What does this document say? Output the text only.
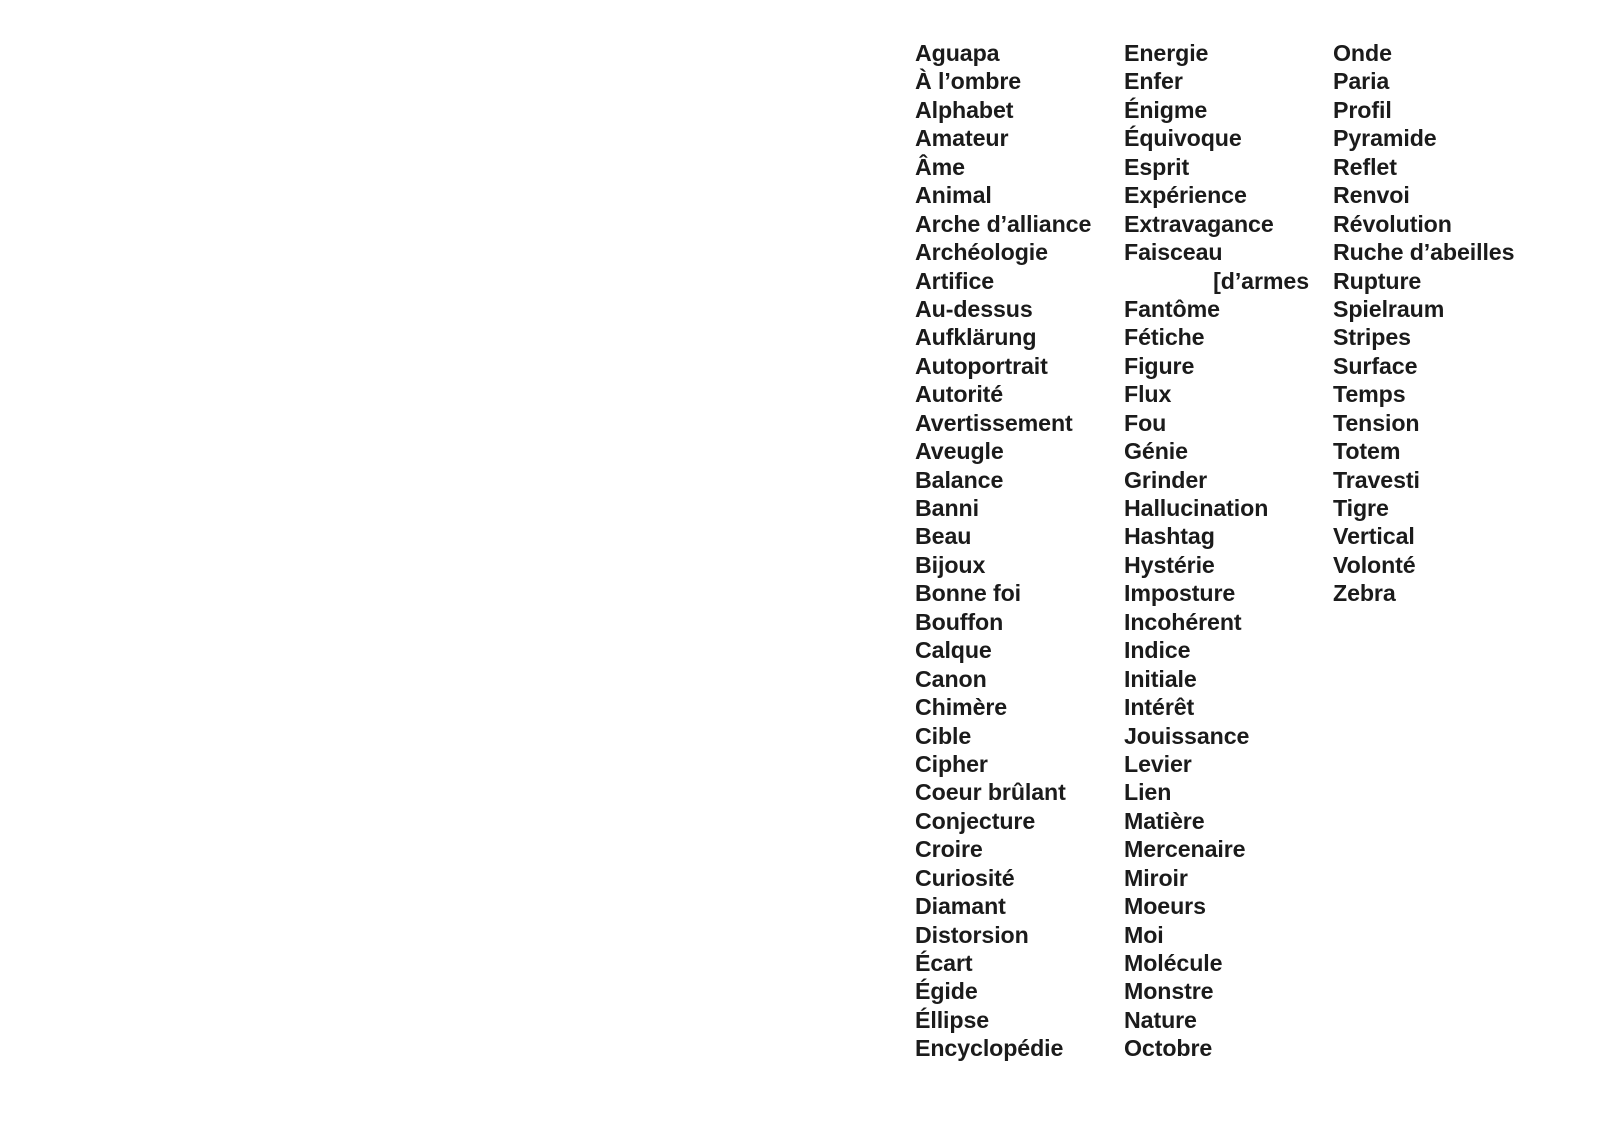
Aguapa
À l’ombre
Alphabet
Amateur
Âme
Animal
Arche d’alliance
Archéologie
Artifice
Au-dessus
Aufklärung
Autoportrait
Autorité
Avertissement
Aveugle
Balance
Banni
Beau
Bijoux
Bonne foi
Bouffon
Calque
Canon
Chimère
Cible
Cipher
Coeur brûlant
Conjecture
Croire
Curiosité
Diamant
Distorsion
Écart
Égide
Éllipse
Encyclopédie
Energie
Enfer
Énigme
Équivoque
Esprit
Expérience
Extravagance
Faisceau
[d’armes
Fantôme
Fétiche
Figure
Flux
Fou
Génie
Grinder
Hallucination
Hashtag
Hystérie
Imposture
Incohérent
Indice
Initiale
Intérêt
Jouissance
Levier
Lien
Matière
Mercenaire
Miroir
Moeurs
Moi
Molécule
Monstre
Nature
Octobre
Onde
Paria
Profil
Pyramide
Reflet
Renvoi
Révolution
Ruche d’abeilles
Rupture
Spielraum
Stripes
Surface
Temps
Tension
Totem
Travesti
Tigre
Vertical
Volonté
Zebra
